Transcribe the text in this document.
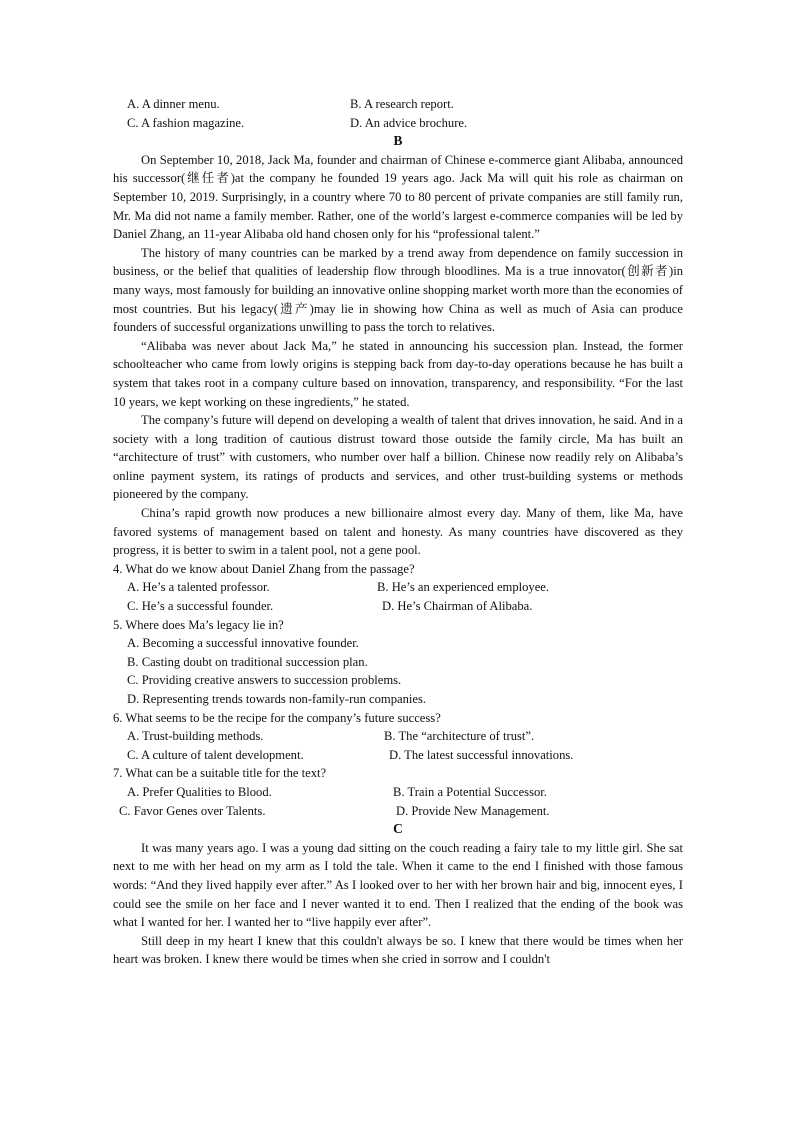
A. A dinner menu.	B. A research report.
C. A fashion magazine.	D. An advice brochure.
B

On September 10, 2018, Jack Ma, founder and chairman of Chinese e-commerce giant Alibaba, announced his successor(继任者)at the company he founded 19 years ago. Jack Ma will quit his role as chairman on September 10, 2019. Surprisingly, in a country where 70 to 80 percent of private companies are still family run, Mr. Ma did not name a family member. Rather, one of the world’s largest e-commerce companies will be led by Daniel Zhang, an 11-year Alibaba old hand chosen only for his “professional talent.”

The history of many countries can be marked by a trend away from dependence on family succession in business, or the belief that qualities of leadership flow through bloodlines. Ma is a true innovator(创新者)in many ways, most famously for building an innovative online shopping market worth more than the economies of most countries. But his legacy(遗产)may lie in showing how China as well as much of Asia can produce founders of successful organizations unwilling to pass the torch to relatives.

“Alibaba was never about Jack Ma,” he stated in announcing his succession plan. Instead, the former schoolteacher who came from lowly origins is stepping back from day-to-day operations because he has built a system that takes root in a company culture based on innovation, transparency, and responsibility. “For the last 10 years, we kept working on these ingredients,” he stated.

The company’s future will depend on developing a wealth of talent that drives innovation, he said. And in a society with a long tradition of cautious distrust toward those outside the family circle, Ma has built an “architecture of trust” with customers, who number over half a billion. Chinese now readily rely on Alibaba’s online payment system, its ratings of products and services, and other trust-building systems or methods pioneered by the company.

China’s rapid growth now produces a new billionaire almost every day. Many of them, like Ma, have favored systems of management based on talent and honesty. As many countries have discovered as they progress, it is better to swim in a talent pool, not a gene pool.

4. What do we know about Daniel Zhang from the passage?
A. He’s a talented professor.	B. He’s an experienced employee.
C. He’s a successful founder.	D. He’s Chairman of Alibaba.
5. Where does Ma’s legacy lie in?
A. Becoming a successful innovative founder.
B. Casting doubt on traditional succession plan.
C. Providing creative answers to succession problems.
D. Representing trends towards non-family-run companies.
6. What seems to be the recipe for the company’s future success?
A. Trust-building methods.	B. The “architecture of trust”.
C. A culture of talent development.	D. The latest successful innovations.
7. What can be a suitable title for the text?
A. Prefer Qualities to Blood.	B. Train a Potential Successor.
C. Favor Genes over Talents.	D. Provide New Management.
C

It was many years ago. I was a young dad sitting on the couch reading a fairy tale to my little girl. She sat next to me with her head on my arm as I told the tale. When it came to the end I finished with those famous words: “And they lived happily ever after.” As I looked over to her with her brown hair and big, innocent eyes, I could see the smile on her face and I never wanted it to end. Then I realized that the ending of the book was what I wanted for her. I wanted her to “live happily ever after”.

Still deep in my heart I knew that this couldn't always be so. I knew that there would be times when her heart was broken. I knew there would be times when she cried in sorrow and I couldn't
